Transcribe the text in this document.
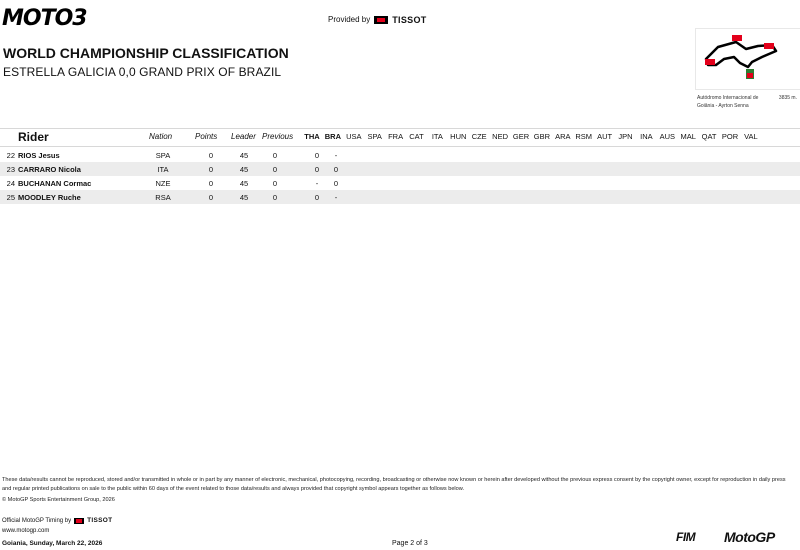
MOTO3	Provided by TISSOT
WORLD CHAMPIONSHIP CLASSIFICATION
ESTRELLA GALICIA 0,0 GRAND PRIX OF BRAZIL
Autódromo Internacional de
Goiânia - Ayrton Senna
3835 m.
Rider	Nation	Points Leader Previous	THA BRA USA SPA FRA CAT	ITA HUN CZE NED GER GBR ARA RSM AUT JPN	INA AUS MAL QAT POR VAL
22 RIOS Jesus	SPA	0	45	0	0	-
23 CARRARO Nicola	ITA	0	45	0	0	0
24 BUCHANAN Cormac	NZE	0	45	0	-	0
25 MOODLEY Ruche	RSA	0	45	0	0	-
These data/results cannot be reproduced, stored and/or transmitted in whole or in part by any manner of electronic, mechanical, photocopying, recording, broadcasting or otherwise now known or herein after developed without the previous express consent by the copyright owner, except for reproduction in daily press and regular printed publications on sale to the public within 60 days of the event related to those data/results and always provided that copyright symbol appears together as follows below.
© MotoGP Sports Entertainment Group, 2026
Official MotoGP Timing by TISSOT
www.motogp.com
Goiania, Sunday, March 22, 2026	Page 2 of 3	FIM MotoGP
